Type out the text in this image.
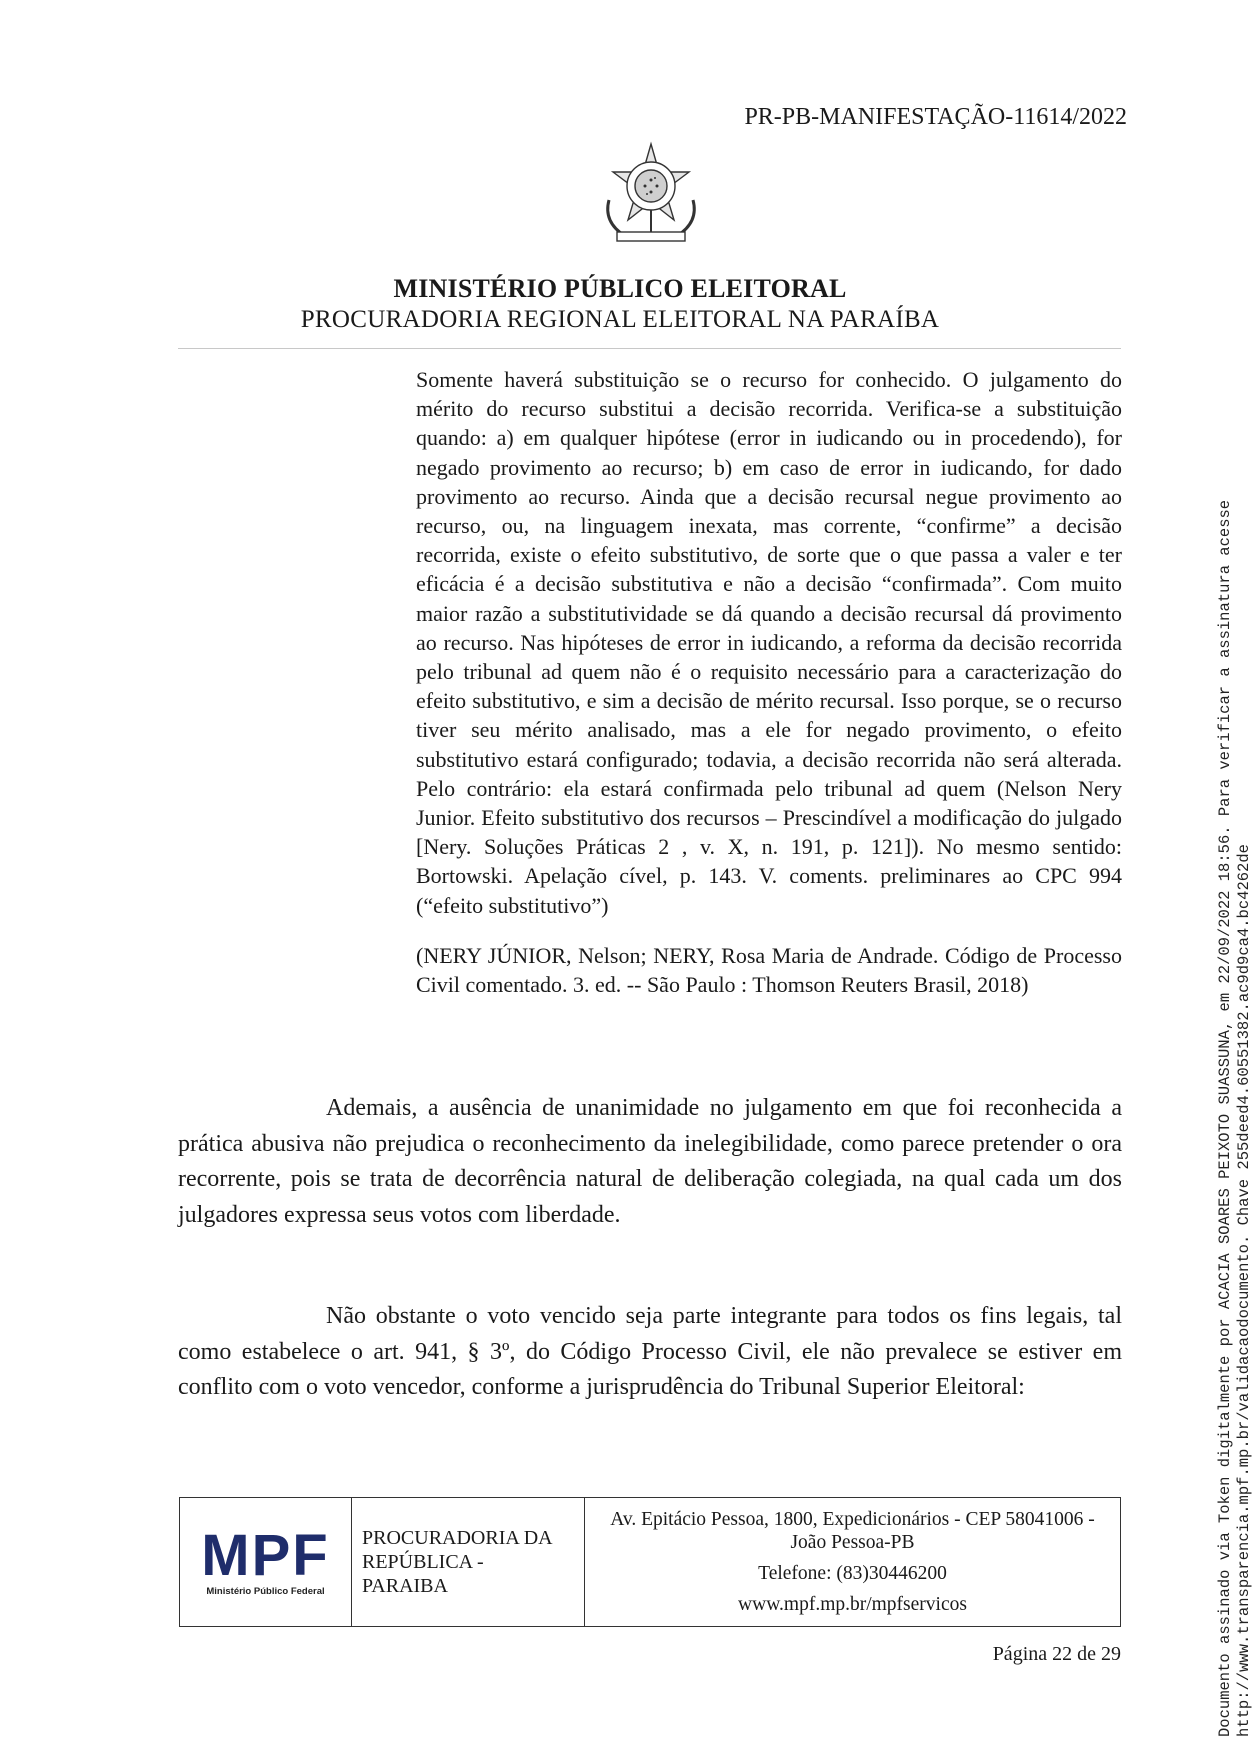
PR-PB-MANIFESTAÇÃO-11614/2022
MINISTÉRIO PÚBLICO ELEITORAL
PROCURADORIA REGIONAL ELEITORAL NA PARAÍBA
Somente haverá substituição se o recurso for conhecido. O julgamento do mérito do recurso substitui a decisão recorrida. Verifica-se a substituição quando: a) em qualquer hipótese (error in iudicando ou in procedendo), for negado provimento ao recurso; b) em caso de error in iudicando, for dado provimento ao recurso. Ainda que a decisão recursal negue provimento ao recurso, ou, na linguagem inexata, mas corrente, “confirme” a decisão recorrida, existe o efeito substitutivo, de sorte que o que passa a valer e ter eficácia é a decisão substitutiva e não a decisão “confirmada”. Com muito maior razão a substitutividade se dá quando a decisão recursal dá provimento ao recurso. Nas hipóteses de error in iudicando, a reforma da decisão recorrida pelo tribunal ad quem não é o requisito necessário para a caracterização do efeito substitutivo, e sim a decisão de mérito recursal. Isso porque, se o recurso tiver seu mérito analisado, mas a ele for negado provimento, o efeito substitutivo estará configurado; todavia, a decisão recorrida não será alterada. Pelo contrário: ela estará confirmada pelo tribunal ad quem (Nelson Nery Junior. Efeito substitutivo dos recursos – Prescindível a modificação do julgado [Nery. Soluções Práticas 2 , v. X, n. 191, p. 121]). No mesmo sentido: Bortowski. Apelação cível, p. 143. V. coments. preliminares ao CPC 994 (“efeito substitutivo”)
(NERY JÚNIOR, Nelson; NERY, Rosa Maria de Andrade. Código de Processo Civil comentado. 3. ed. -- São Paulo : Thomson Reuters Brasil, 2018)
Ademais, a ausência de unanimidade no julgamento em que foi reconhecida a prática abusiva não prejudica o reconhecimento da inelegibilidade, como parece pretender o ora recorrente, pois se trata de decorrência natural de deliberação colegiada, na qual cada um dos julgadores expressa seus votos com liberdade.
Não obstante o voto vencido seja parte integrante para todos os fins legais, tal como estabelece o art. 941, § 3º, do Código Processo Civil, ele não prevalece se estiver em conflito com o voto vencedor, conforme a jurisprudência do Tribunal Superior Eleitoral:
MPF
Ministério Público Federal
PROCURADORIA DA
REPÚBLICA -
PARAIBA
Av. Epitácio Pessoa, 1800, Expedicionários - CEP 58041006 - João Pessoa-PB
Telefone: (83)30446200
www.mpf.mp.br/mpfservicos
Página 22 de 29	Documento assinado via Token digitalmente por ACACIA SOARES PEIXOTO SUASSUNA, em 22/09/2022 18:56. Para verificar a assinatura acesse http://www.transparencia.mpf.mp.br/validacaodocumento. Chave 255deed4.60551382.ac9d9ca4.bc4262de
